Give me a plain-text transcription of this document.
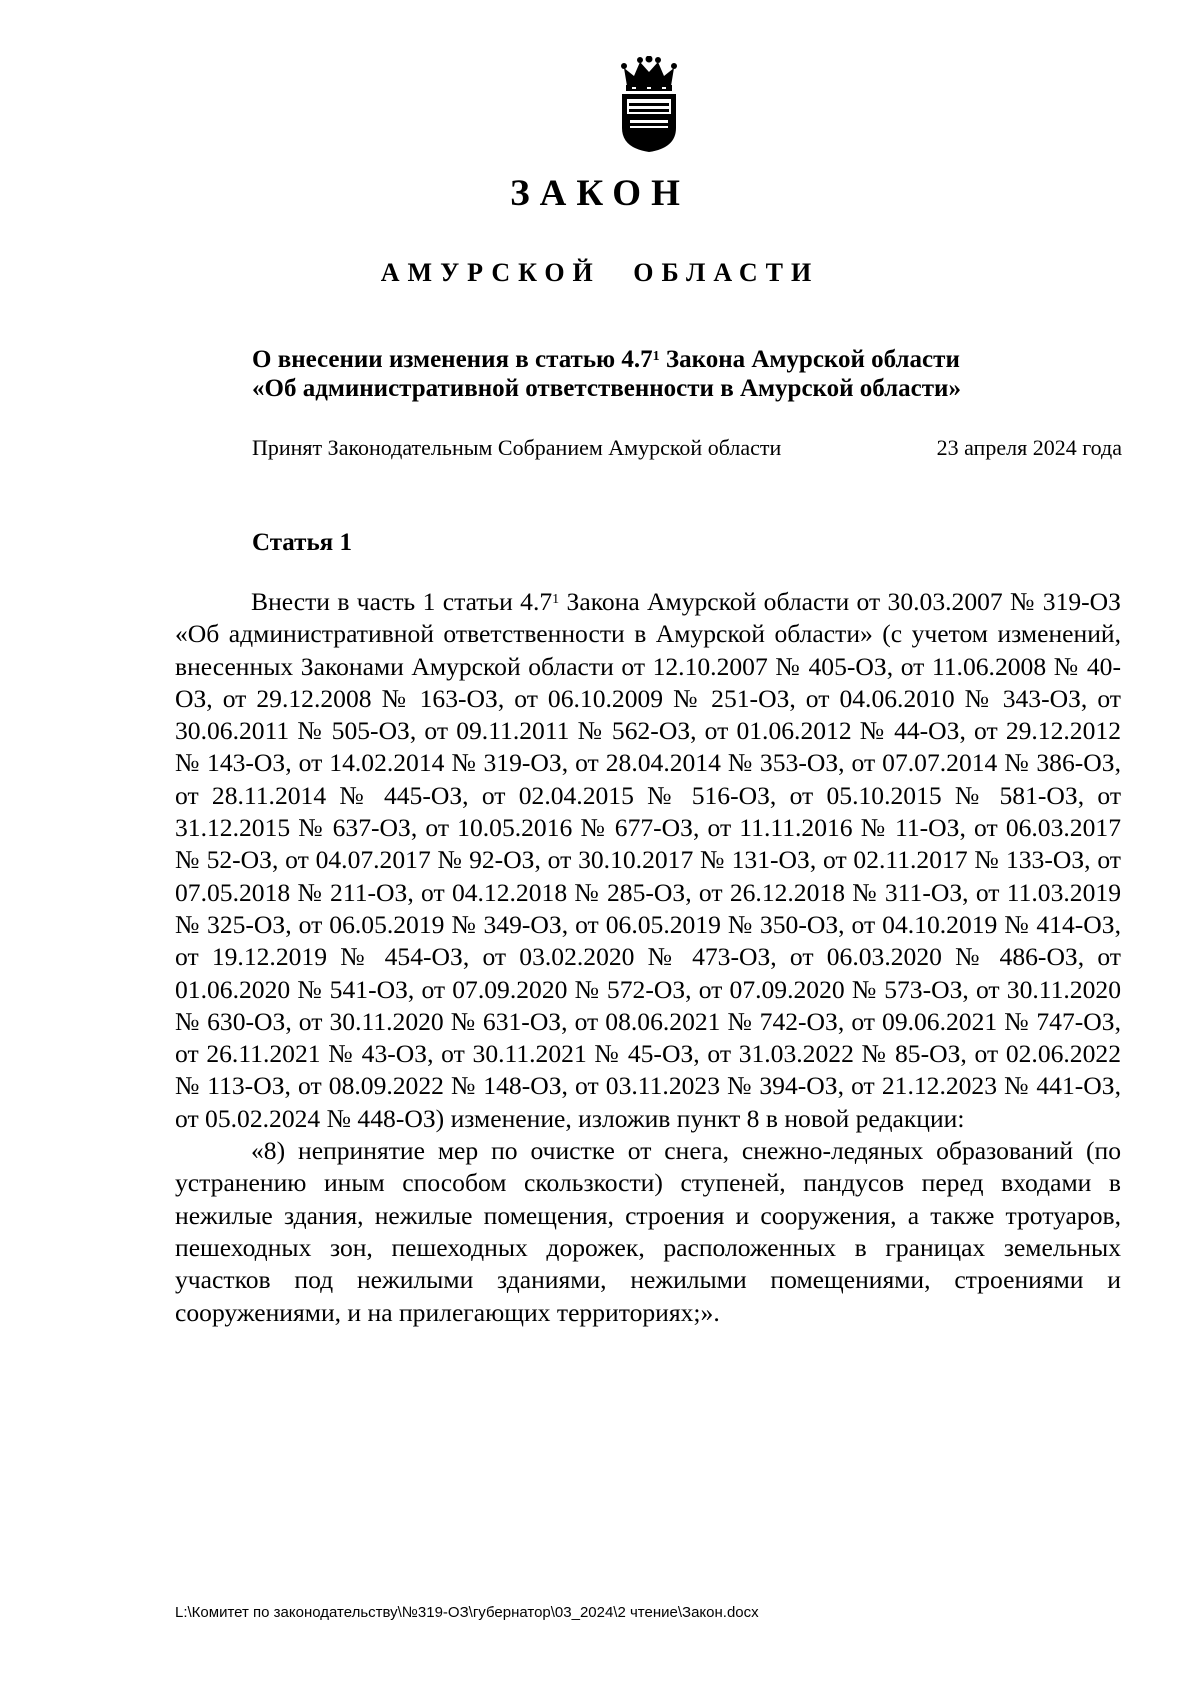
ЗАКОН
АМУРСКОЙ ОБЛАСТИ
О внесении изменения в статью $4.7^1$ Закона Амурской области
«Об административной ответственности в Амурской области»
Принят Законодательным Собранием Амурской области	23 апреля 2024 года
Статья 1

Внести в часть 1 статьи $4.7^1$ Закона Амурской области от 30.03.2007 № 319-ОЗ «Об административной ответственности в Амурской области» (с учетом изменений, внесенных Законами Амурской области от 12.10.2007 № 405-ОЗ, от 11.06.2008 № 40-ОЗ, от 29.12.2008 № 163-ОЗ, от 06.10.2009 № 251-ОЗ, от 04.06.2010 № 343-ОЗ, от 30.06.2011 № 505-ОЗ, от 09.11.2011 № 562-ОЗ, от 01.06.2012 № 44-ОЗ, от 29.12.2012 № 143-ОЗ, от 14.02.2014 № 319-ОЗ, от 28.04.2014 № 353-ОЗ, от 07.07.2014 № 386-ОЗ, от 28.11.2014 № 445-ОЗ, от 02.04.2015 № 516-ОЗ, от 05.10.2015 № 581-ОЗ, от 31.12.2015 № 637-ОЗ, от 10.05.2016 № 677-ОЗ, от 11.11.2016 № 11-ОЗ, от 06.03.2017 № 52-ОЗ, от 04.07.2017 № 92-ОЗ, от 30.10.2017 № 131-ОЗ, от 02.11.2017 № 133-ОЗ, от 07.05.2018 № 211-ОЗ, от 04.12.2018 № 285-ОЗ, от 26.12.2018 № 311-ОЗ, от 11.03.2019 № 325-ОЗ, от 06.05.2019 № 349-ОЗ, от 06.05.2019 № 350-ОЗ, от 04.10.2019 № 414-ОЗ, от 19.12.2019 № 454-ОЗ, от 03.02.2020 № 473-ОЗ, от 06.03.2020 № 486-ОЗ, от 01.06.2020 № 541-ОЗ, от 07.09.2020 № 572-ОЗ, от 07.09.2020 № 573-ОЗ, от 30.11.2020 № 630-ОЗ, от 30.11.2020 № 631-ОЗ, от 08.06.2021 № 742-ОЗ, от 09.06.2021 № 747-ОЗ, от 26.11.2021 № 43-ОЗ, от 30.11.2021 № 45-ОЗ, от 31.03.2022 № 85-ОЗ, от 02.06.2022 № 113-ОЗ, от 08.09.2022 № 148-ОЗ, от 03.11.2023 № 394-ОЗ, от 21.12.2023 № 441-ОЗ, от 05.02.2024 № 448-ОЗ) изменение, изложив пункт 8 в новой редакции:

«8) непринятие мер по очистке от снега, снежно-ледяных образований (по устранению иным способом скользкости) ступеней, пандусов перед входами в нежилые здания, нежилые помещения, строения и сооружения, а также тротуаров, пешеходных зон, пешеходных дорожек, расположенных в границах земельных участков под нежилыми зданиями, нежилыми помещениями, строениями и сооружениями, и на прилегающих территориях;».

L:\Комитет по законодательству\№319-ОЗ\губернатор\03_2024\2 чтение\Закон.docx
